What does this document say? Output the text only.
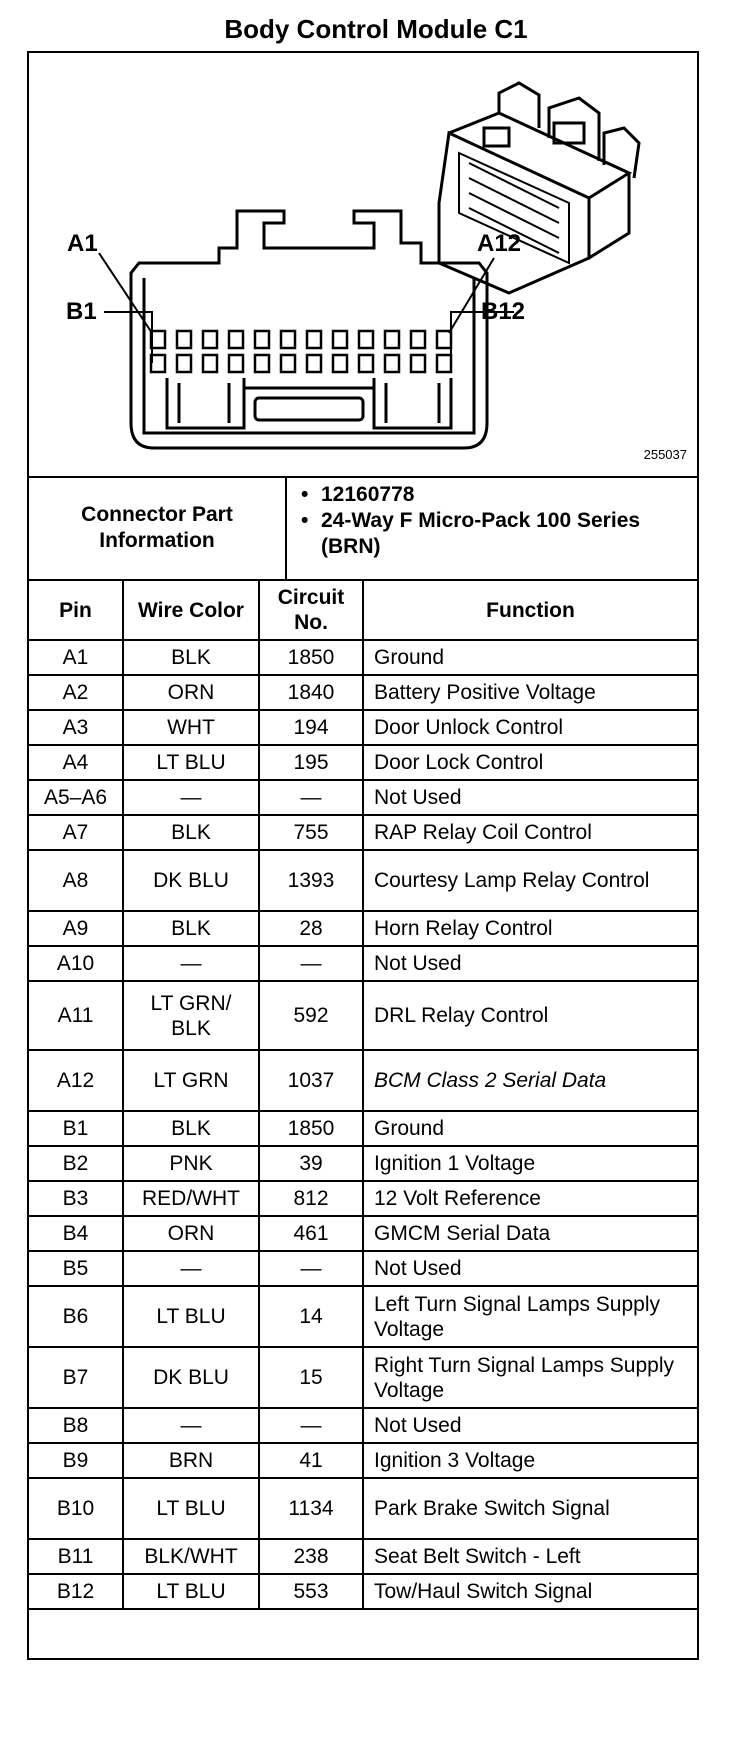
Body Control Module C1
A1	A12
B1	B12
255037
Connector Part Information
• 12160778
• 24-Way F Micro-Pack 100 Series (BRN)
Pin	Wire Color	Circuit No.	Function
A1	BLK	1850	Ground
A2	ORN	1840	Battery Positive Voltage
A3	WHT	194	Door Unlock Control
A4	LT BLU	195	Door Lock Control
A5–A6	—	—	Not Used
A7	BLK	755	RAP Relay Coil Control
A8	DK BLU	1393	Courtesy Lamp Relay Control
A9	BLK	28	Horn Relay Control
A10	—	—	Not Used
A11	LT GRN/ BLK	592	DRL Relay Control
A12	LT GRN	1037	BCM Class 2 Serial Data
B1	BLK	1850	Ground
B2	PNK	39	Ignition 1 Voltage
B3	RED/WHT	812	12 Volt Reference
B4	ORN	461	GMCM Serial Data
B5	—	—	Not Used
B6	LT BLU	14	Left Turn Signal Lamps Supply Voltage
B7	DK BLU	15	Right Turn Signal Lamps Supply Voltage
B8	—	—	Not Used
B9	BRN	41	Ignition 3 Voltage
B10	LT BLU	1134	Park Brake Switch Signal
B11	BLK/WHT	238	Seat Belt Switch - Left
B12	LT BLU	553	Tow/Haul Switch Signal
